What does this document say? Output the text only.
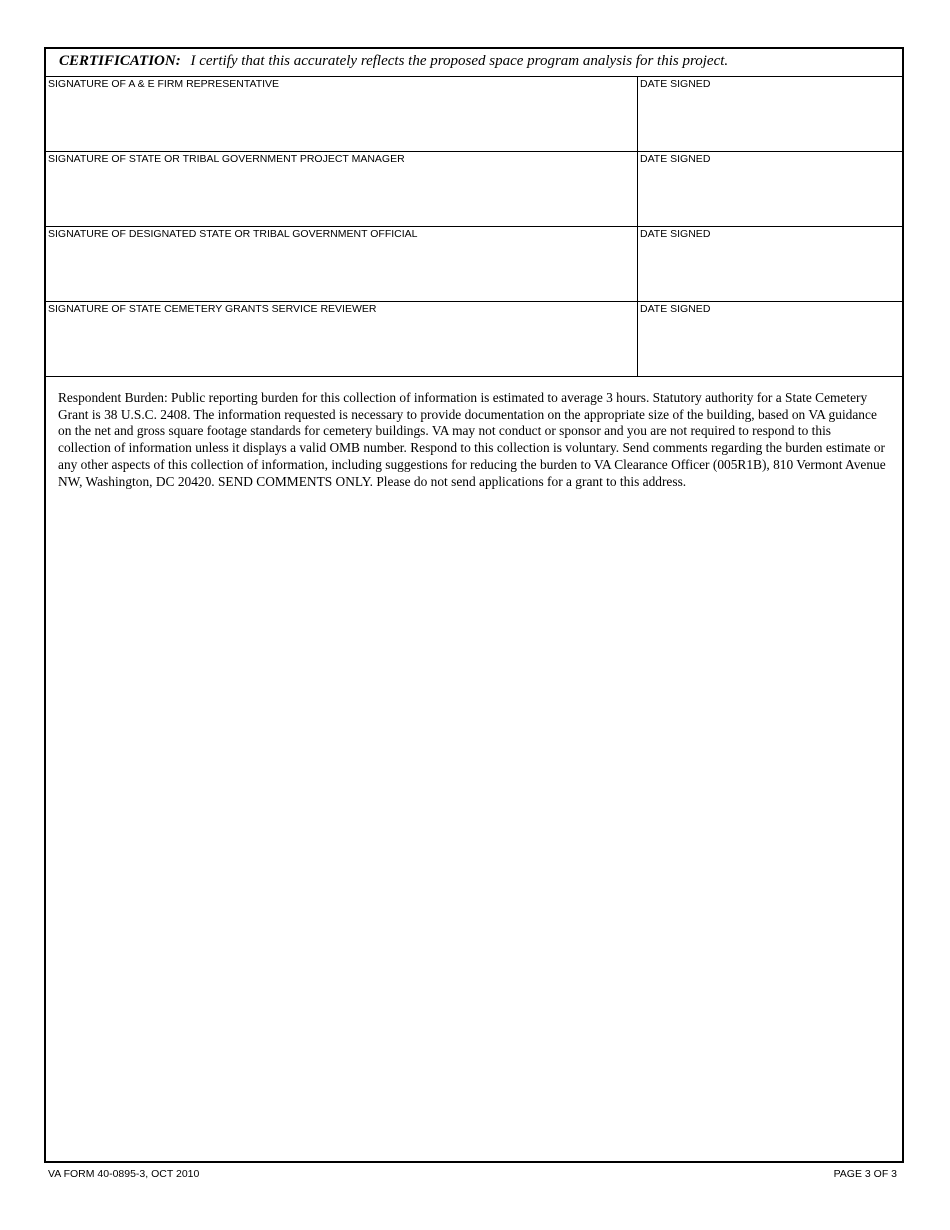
CERTIFICATION: I certify that this accurately reflects the proposed space program analysis for this project.
SIGNATURE OF A & E FIRM REPRESENTATIVE	DATE SIGNED
SIGNATURE OF STATE OR TRIBAL GOVERNMENT PROJECT MANAGER	DATE SIGNED
SIGNATURE OF DESIGNATED STATE OR TRIBAL GOVERNMENT OFFICIAL	DATE SIGNED
SIGNATURE OF STATE CEMETERY GRANTS SERVICE REVIEWER	DATE SIGNED
Respondent Burden: Public reporting burden for this collection of information is estimated to average 3 hours. Statutory authority for a State Cemetery Grant is 38 U.S.C. 2408. The information requested is necessary to provide documentation on the appropriate size of the building, based on VA guidance on the net and gross square footage standards for cemetery buildings. VA may not conduct or sponsor and you are not required to respond to this collection of information unless it displays a valid OMB number. Respond to this collection is voluntary. Send comments regarding the burden estimate or any other aspects of this collection of information, including suggestions for reducing the burden to VA Clearance Officer (005R1B), 810 Vermont Avenue NW, Washington, DC 20420. SEND COMMENTS ONLY. Please do not send applications for a grant to this address.
VA FORM 40-0895-3, OCT 2010	PAGE 3 OF 3
